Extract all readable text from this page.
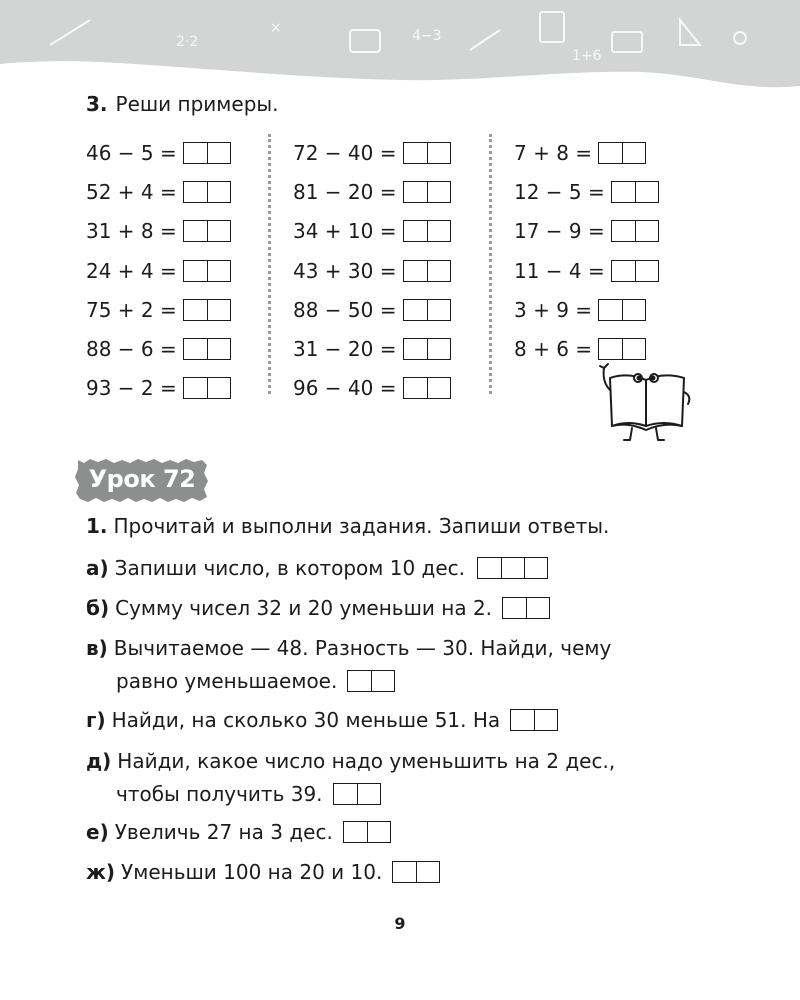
2·2
×	4−3
1+6
3. Реши примеры.
46 − 5 =
52 + 4 =
31 + 8 =
24 + 4 =
75 + 2 =
88 − 6 =
93 − 2 =
72 − 40 =
81 − 20 =
34 + 10 =
43 + 30 =
88 − 50 =
31 − 20 =
96 − 40 =
7 + 8 =
12 − 5 =
17 − 9 =
11 − 4 =
3 + 9 =
8 + 6 =
Урок 72
1. Прочитай и выполни задания. Запиши ответы.
а) Запиши число, в котором 10 дес.
б) Сумму чисел 32 и 20 уменьши на 2.
в) Вычитаемое — 48. Разность — 30. Найди, чему
равно уменьшаемое.
г) Найди, на сколько 30 меньше 51. На
д) Найди, какое число надо уменьшить на 2 дес.,
чтобы получить 39.
е) Увеличь 27 на 3 дес.
ж) Уменьши 100 на 20 и 10.
9
